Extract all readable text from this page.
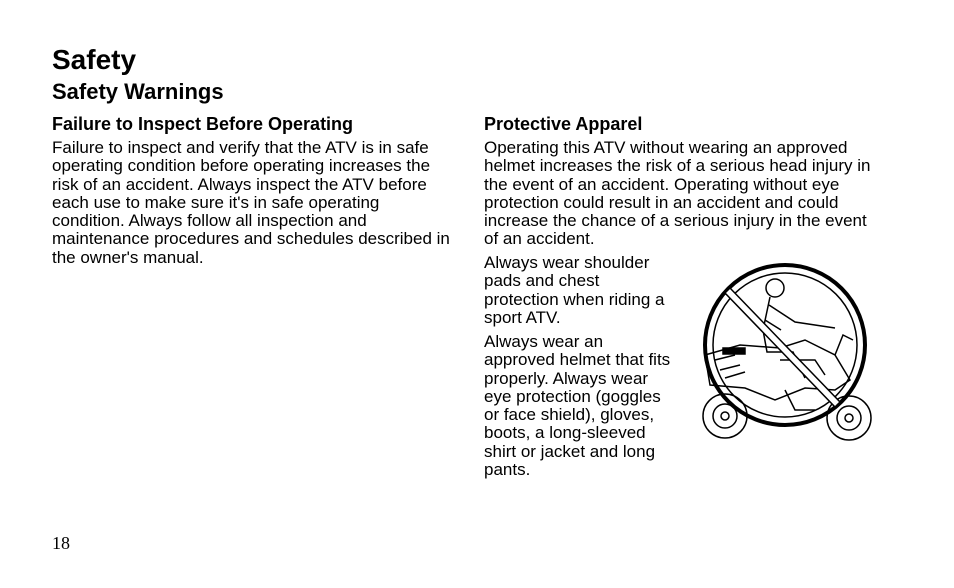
Safety
Safety Warnings
Failure to Inspect Before Operating

Failure to inspect and verify that the ATV is in safe operating condition before operating increases the risk of an accident. Always inspect the ATV before each use to make sure it's in safe operating condition. Always follow all inspection and maintenance procedures and schedules described in the owner's manual.

Protective Apparel

Operating this ATV without wearing an approved helmet increases the risk of a serious head injury in the event of an accident. Operating without eye protection could result in an accident and could increase the chance of a serious injury in the event of an accident.

Always wear shoulder pads and chest protection when riding a sport ATV.

Always wear an approved helmet that fits properly. Always wear eye protection (goggles or face shield), gloves, boots, a long-sleeved shirt or jacket and long pants.

18
